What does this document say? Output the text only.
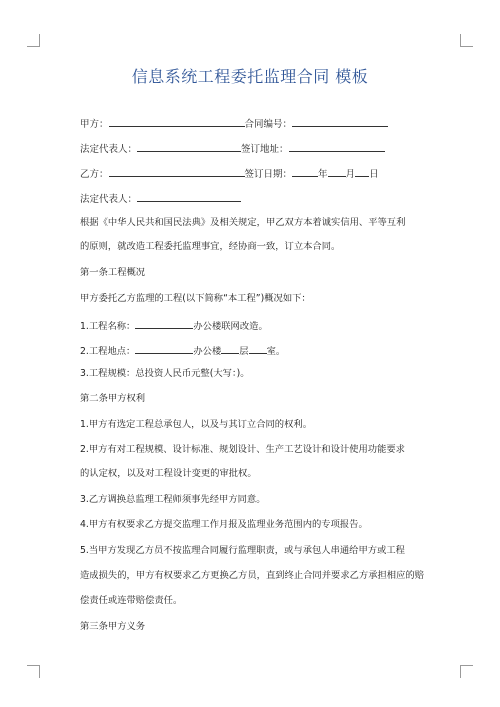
信息系统工程委托监理合同 模板
甲方：	合同编号：
法定代表人：	签订地址：
乙方：	签订日期：	年 月 日
法定代表人：
根据《中华人民共和国民法典》及相关规定，甲乙双方本着诚实信用、平等互利
的原则，就改造工程委托监理事宜，经协商一致，订立本合同。
第一条工程概况
甲方委托乙方监理的工程(以下简称“本工程”)概况如下：
1.工程名称：	办公楼联网改造。
2.工程地点：	办公楼 层 室。
3.工程规模：总投资人民币元整(大写：)。
第二条甲方权利
1.甲方有选定工程总承包人，以及与其订立合同的权利。
2.甲方有对工程规模、设计标准、规划设计、生产工艺设计和设计使用功能要求
的认定权，以及对工程设计变更的审批权。
3.乙方调换总监理工程师须事先经甲方同意。
4.甲方有权要求乙方提交监理工作月报及监理业务范围内的专项报告。
5.当甲方发现乙方员不按监理合同履行监理职责，或与承包人串通给甲方或工程
造成损失的，甲方有权要求乙方更换乙方员，直到终止合同并要求乙方承担相应的赔
偿责任或连带赔偿责任。
第三条甲方义务
